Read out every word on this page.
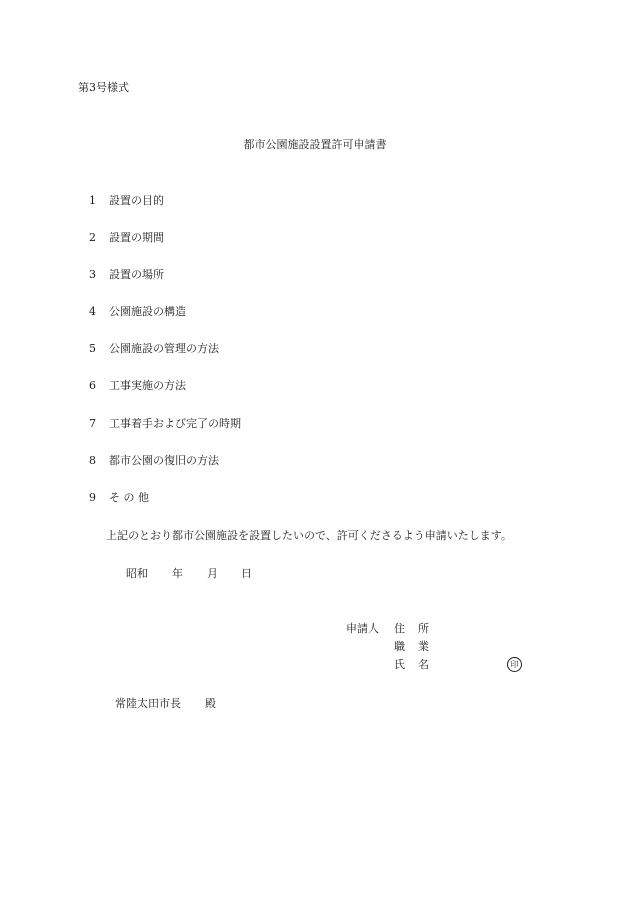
第3号様式
都市公園施設設置許可申請書
1 設置の目的
2 設置の期間
3 設置の場所
4 公園施設の構造
5 公園施設の管理の方法
6 工事実施の方法
7 工事着手および完了の時期
8 都市公園の復旧の方法
9 そ の 他
上記のとおり都市公園施設を設置したいので、許可くださるよう申請いたします。
昭和 年 月 日
申請人 住 所
職 業
氏 名	印
常陸太田市長 殿
